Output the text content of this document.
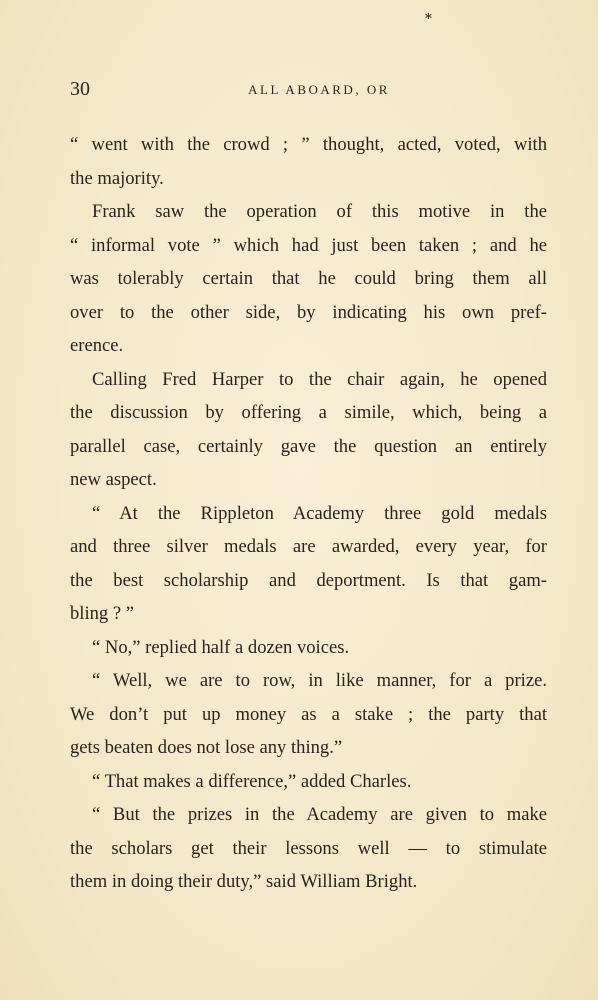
∗
30	ALL ABOARD, OR
“ went with the crowd ; ” thought, acted, voted, with
the majority.
Frank saw the operation of this motive in the
“ informal vote ” which had just been taken ; and he
was tolerably certain that he could bring them all
over to the other side, by indicating his own pref-
erence.
Calling Fred Harper to the chair again, he opened
the discussion by offering a simile, which, being a
parallel case, certainly gave the question an entirely
new aspect.
“ At the Rippleton Academy three gold medals
and three silver medals are awarded, every year, for
the best scholarship and deportment. Is that gam-
bling ? ”
“ No,” replied half a dozen voices.
“ Well, we are to row, in like manner, for a prize.
We don’t put up money as a stake ; the party that
gets beaten does not lose any thing.”
“ That makes a difference,” added Charles.
“ But the prizes in the Academy are given to make
the scholars get their lessons well — to stimulate
them in doing their duty,” said William Bright.
